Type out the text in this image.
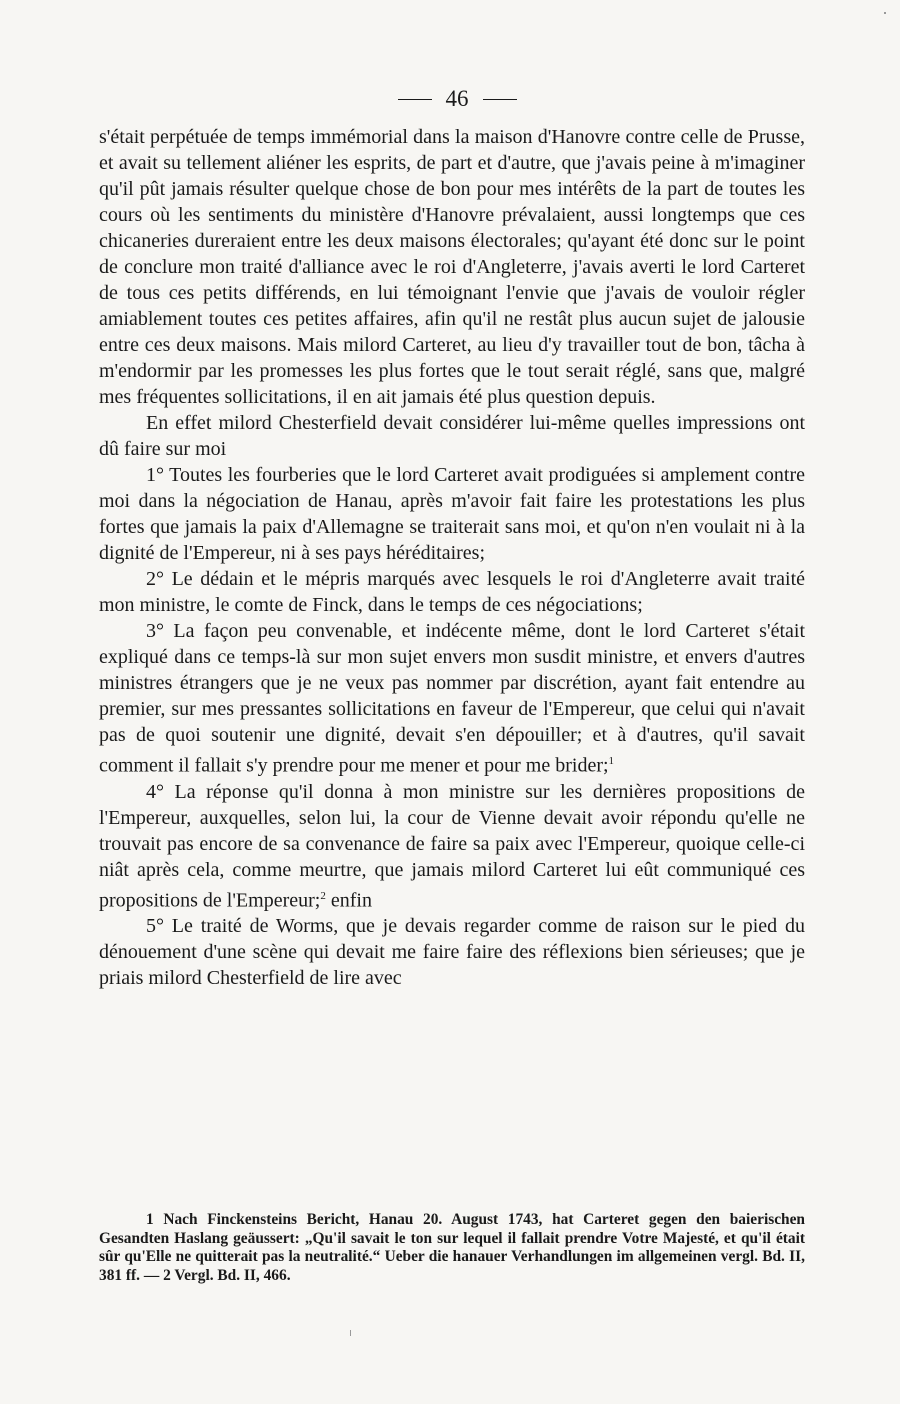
46

s'était perpétuée de temps immémorial dans la maison d'Hanovre contre celle de Prusse, et avait su tellement aliéner les esprits, de part et d'autre, que j'avais peine à m'imaginer qu'il pût jamais résulter quelque chose de bon pour mes intérêts de la part de toutes les cours où les sentiments du ministère d'Hanovre prévalaient, aussi longtemps que ces chicaneries dureraient entre les deux maisons électorales; qu'ayant été donc sur le point de conclure mon traité d'alliance avec le roi d'Angleterre, j'avais averti le lord Carteret de tous ces petits différends, en lui témoignant l'envie que j'avais de vouloir régler amiablement toutes ces petites affaires, afin qu'il ne restât plus aucun sujet de jalousie entre ces deux maisons. Mais milord Carteret, au lieu d'y travailler tout de bon, tâcha à m'endormir par les promesses les plus fortes que le tout serait réglé, sans que, malgré mes fréquentes sollicitations, il en ait jamais été plus question depuis.

En effet milord Chesterfield devait considérer lui-même quelles impressions ont dû faire sur moi

1° Toutes les fourberies que le lord Carteret avait prodiguées si amplement contre moi dans la négociation de Hanau, après m'avoir fait faire les protestations les plus fortes que jamais la paix d'Allemagne se traiterait sans moi, et qu'on n'en voulait ni à la dignité de l'Empereur, ni à ses pays héréditaires;

2° Le dédain et le mépris marqués avec lesquels le roi d'Angleterre avait traité mon ministre, le comte de Finck, dans le temps de ces négociations;

3° La façon peu convenable, et indécente même, dont le lord Carteret s'était expliqué dans ce temps-là sur mon sujet envers mon susdit ministre, et envers d'autres ministres étrangers que je ne veux pas nommer par discrétion, ayant fait entendre au premier, sur mes pressantes sollicitations en faveur de l'Empereur, que celui qui n'avait pas de quoi soutenir une dignité, devait s'en dépouiller; et à d'autres, qu'il savait comment il fallait s'y prendre pour me mener et pour me brider;$^1$

4° La réponse qu'il donna à mon ministre sur les dernières propositions de l'Empereur, auxquelles, selon lui, la cour de Vienne devait avoir répondu qu'elle ne trouvait pas encore de sa convenance de faire sa paix avec l'Empereur, quoique celle-ci niât après cela, comme meurtre, que jamais milord Carteret lui eût communiqué ces propositions de l'Empereur;$^2$ enfin

5° Le traité de Worms, que je devais regarder comme de raison sur le pied du dénouement d'une scène qui devait me faire faire des réflexions bien sérieuses; que je priais milord Chesterfield de lire avec

1 Nach Finckensteins Bericht, Hanau 20. August 1743, hat Carteret gegen den baierischen Gesandten Haslang geäussert: „Qu'il savait le ton sur lequel il fallait prendre Votre Majesté, et qu'il était sûr qu'Elle ne quitterait pas la neutralité.“ Ueber die hanauer Verhandlungen im allgemeinen vergl. Bd. II, 381 ff. — 2 Vergl. Bd. II, 466.
